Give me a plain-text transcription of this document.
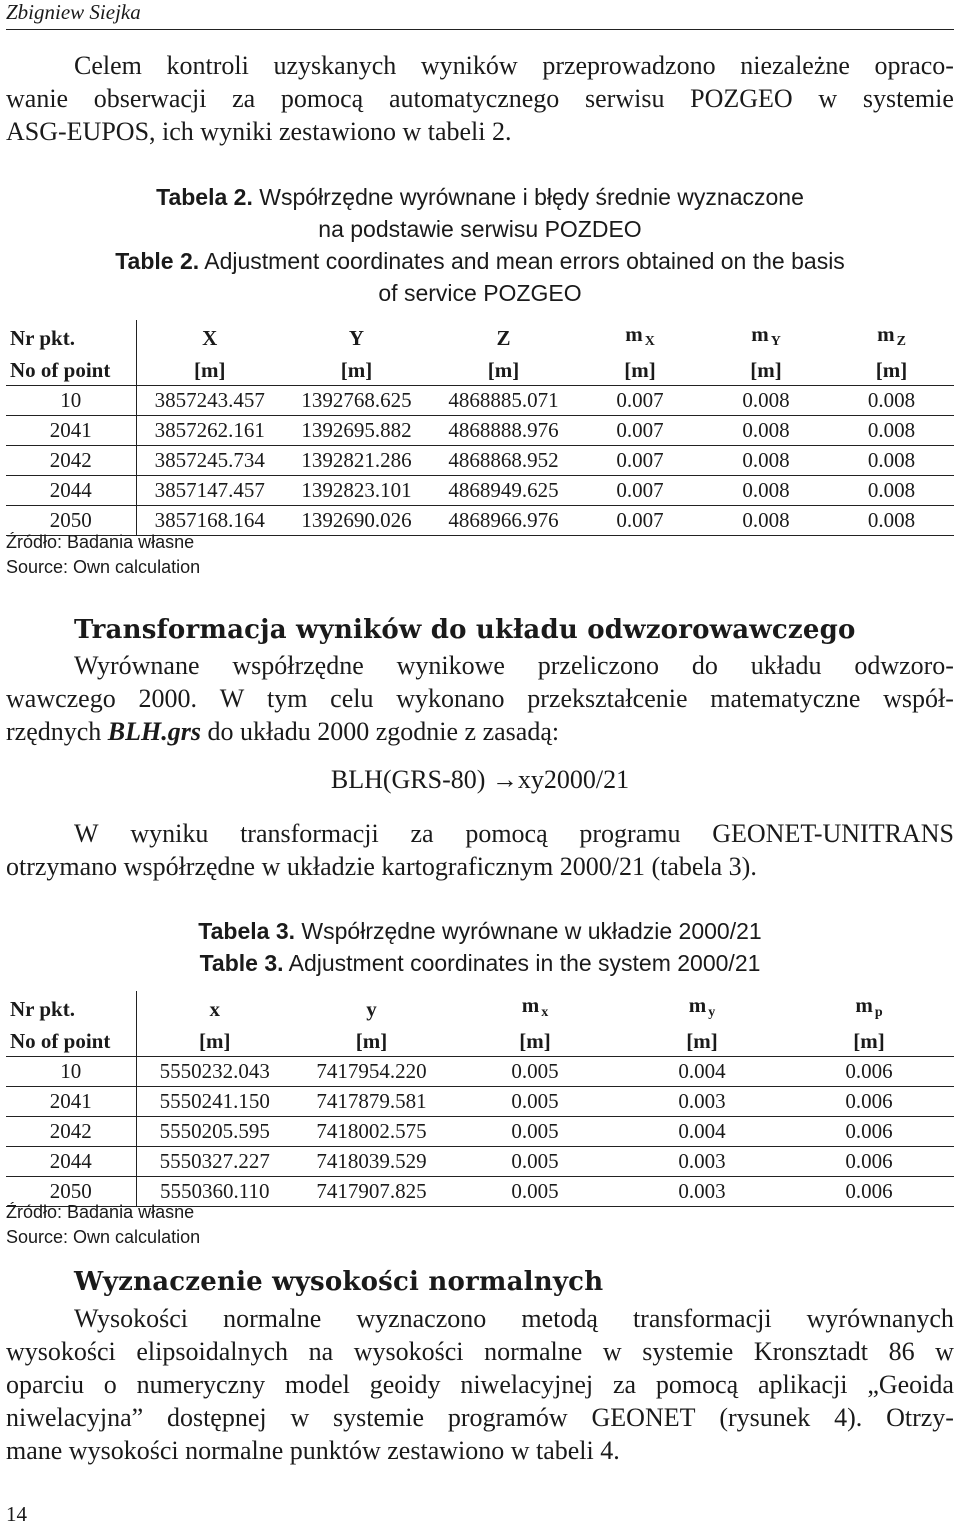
Zbigniew Siejka
Celem kontroli uzyskanych wyników przeprowadzono niezależne opraco-
wanie obserwacji za pomocą automatycznego serwisu POZGEO w systemie
ASG-EUPOS, ich wyniki zestawiono w tabeli 2.
Tabela 2. Współrzędne wyrównane i błędy średnie wyznaczone
na podstawie serwisu POZDEO
Table 2. Adjustment coordinates and mean errors obtained on the basis
of service POZGEO
Nr pkt.	X	Y	Z	m $_X$	m $_Y$	m $_Z$
No of point	[m]	[m]	[m]	[m]	[m]	[m]
10	3857243.457	1392768.625	4868885.071	0.007	0.008	0.008
2041	3857262.161	1392695.882	4868888.976	0.007	0.008	0.008
2042	3857245.734	1392821.286	4868868.952	0.007	0.008	0.008
2044	3857147.457	1392823.101	4868949.625	0.007	0.008	0.008
2050	3857168.164	1392690.026	4868966.976	0.007	0.008	0.008
Źródło: Badania własne
Source: Own calculation
Transformacja wyników do układu odwzorowawczego
Wyrównane współrzędne wynikowe przeliczono do układu odwzoro-
wawczego 2000. W tym celu wykonano przekształcenie matematyczne współ-
rzędnych BLH.grs do układu 2000 zgodnie z zasadą:
BLH(GRS-80) →xy2000/21
W wyniku transformacji za pomocą programu GEONET-UNITRANS
otrzymano współrzędne w układzie kartograficznym 2000/21 (tabela 3).
Tabela 3. Współrzędne wyrównane w układzie 2000/21
Table 3. Adjustment coordinates in the system 2000/21
Nr pkt.	x	y	m $_x$	m $_y$	m $_p$
No of point	[m]	[m]	[m]	[m]	[m]
10	5550232.043	7417954.220	0.005	0.004	0.006
2041	5550241.150	7417879.581	0.005	0.003	0.006
2042	5550205.595	7418002.575	0.005	0.004	0.006
2044	5550327.227	7418039.529	0.005	0.003	0.006
2050	5550360.110	7417907.825	0.005	0.003	0.006
Źródło: Badania własne
Source: Own calculation
Wyznaczenie wysokości normalnych
Wysokości normalne wyznaczono metodą transformacji wyrównanych
wysokości elipsoidalnych na wysokości normalne w systemie Kronsztadt 86 w
oparciu o numeryczny model geoidy niwelacyjnej za pomocą aplikacji „Geoida
niwelacyjna” dostępnej w systemie programów GEONET (rysunek 4). Otrzy-
mane wysokości normalne punktów zestawiono w tabeli 4.
14
